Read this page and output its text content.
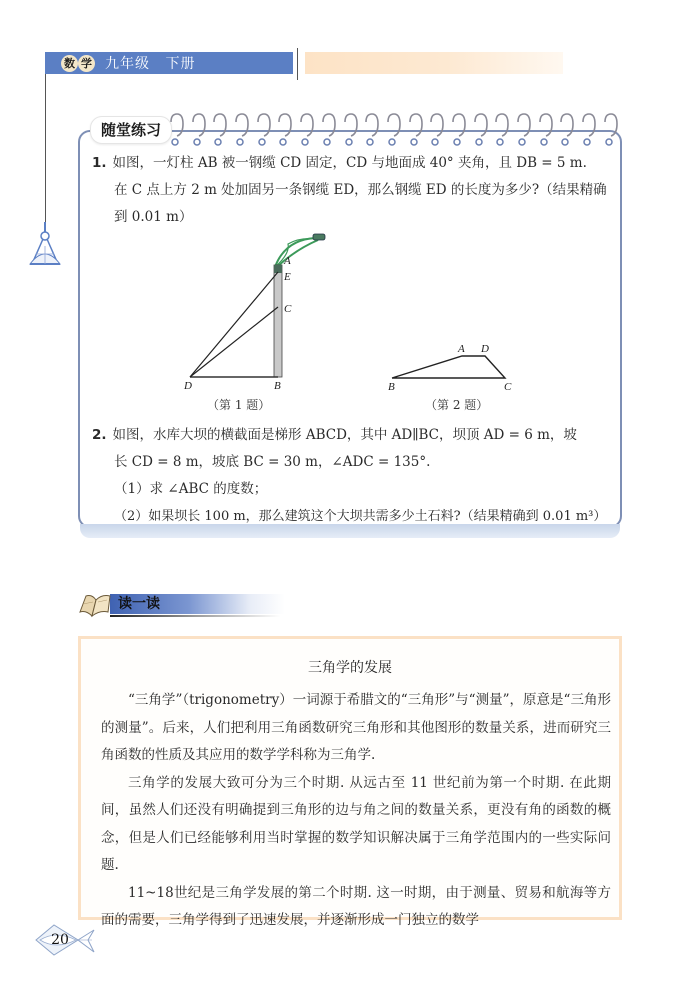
数 学 九年级 下册
随堂练习
1. 如图，一灯柱 AB 被一钢缆 CD 固定，CD 与地面成 40° 夹角，且 DB = 5 m.
在 C 点上方 2 m 处加固另一条钢缆 ED，那么钢缆 ED 的长度为多少?（结果精确
到 0.01 m）
A
E
C
D	B
（第 1 题）
A D
B	C
（第 2 题）
2. 如图，水库大坝的横截面是梯形 ABCD，其中 AD∥BC，坝顶 AD = 6 m，坡
长 CD = 8 m，坡底 BC = 30 m，∠ADC = 135°.
（1）求 ∠ABC 的度数；
（2）如果坝长 100 m，那么建筑这个大坝共需多少土石料?（结果精确到 0.01 m³）
读一读
三角学的发展

“三角学”（trigonometry）一词源于希腊文的“三角形”与“测量”，原意是“三角形的测量”。后来，人们把利用三角函数研究三角形和其他图形的数量关系，进而研究三角函数的性质及其应用的数学学科称为三角学.

三角学的发展大致可分为三个时期. 从远古至 11 世纪前为第一个时期. 在此期间，虽然人们还没有明确提到三角形的边与角之间的数量关系，更没有角的函数的概念，但是人们已经能够利用当时掌握的数学知识解决属于三角学范围内的一些实际问题.

11~18世纪是三角学发展的第二个时期. 这一时期，由于测量、贸易和航海等方面的需要，三角学得到了迅速发展，并逐渐形成一门独立的数学

20
